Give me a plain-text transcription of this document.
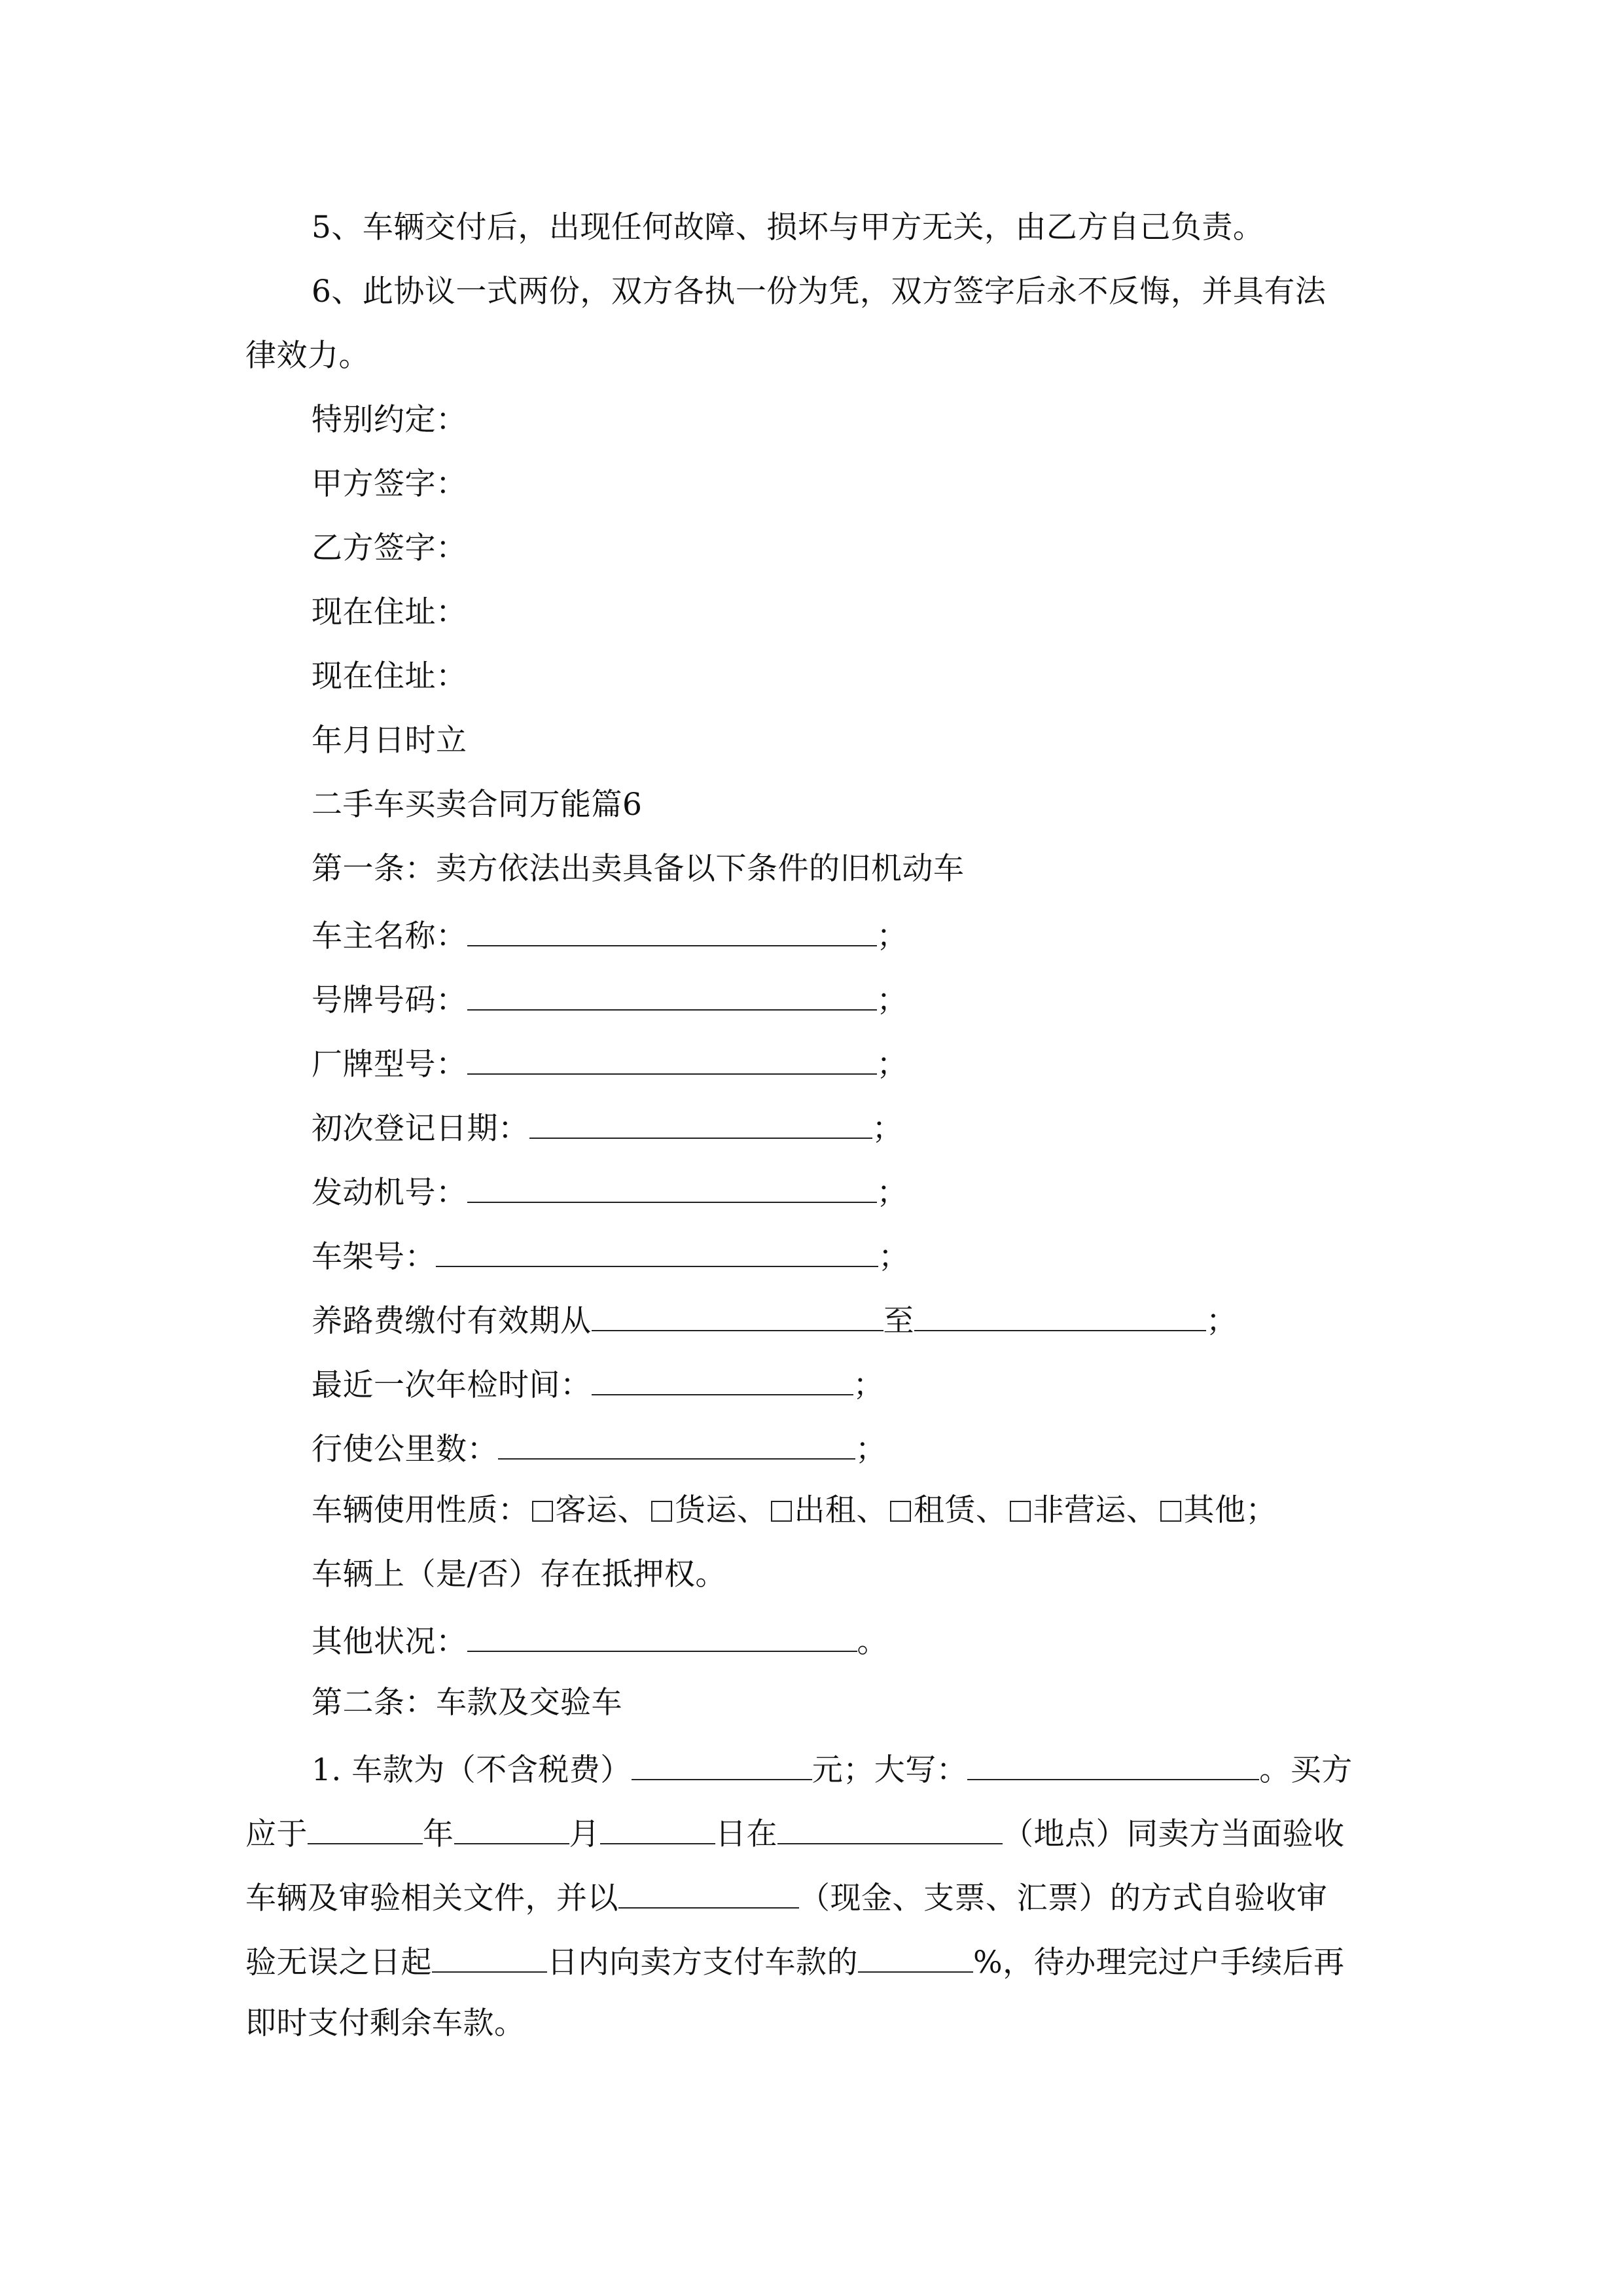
5、车辆交付后，出现任何故障、损坏与甲方无关，由乙方自己负责。
6、此协议一式两份，双方各执一份为凭，双方签字后永不反悔，并具有法
律效力。
特别约定：
甲方签字：
乙方签字：
现在住址：
现在住址：
年月日时立
二手车买卖合同万能篇6
第一条：卖方依法出卖具备以下条件的旧机动车
车主名称：	；
号牌号码：	；
厂牌型号：	；
初次登记日期：	；
发动机号：	；
车架号：	；
养路费缴付有效期从	至	；
最近一次年检时间：	；
行使公里数：	；
车辆使用性质： 客运、 货运、 出租、 租赁、 非营运、 其他；
车辆上（是/否）存在抵押权。
其他状况：	。
第二条：车款及交验车
1. 车款为（不含税费）	元；大写：	。买方
应于	年	月	日在	（地点）同卖方当面验收
车辆及审验相关文件，并以	（现金、支票、汇票）的方式自验收审
验无误之日起	日内向卖方支付车款的	%，待办理完过户手续后再
即时支付剩余车款。
